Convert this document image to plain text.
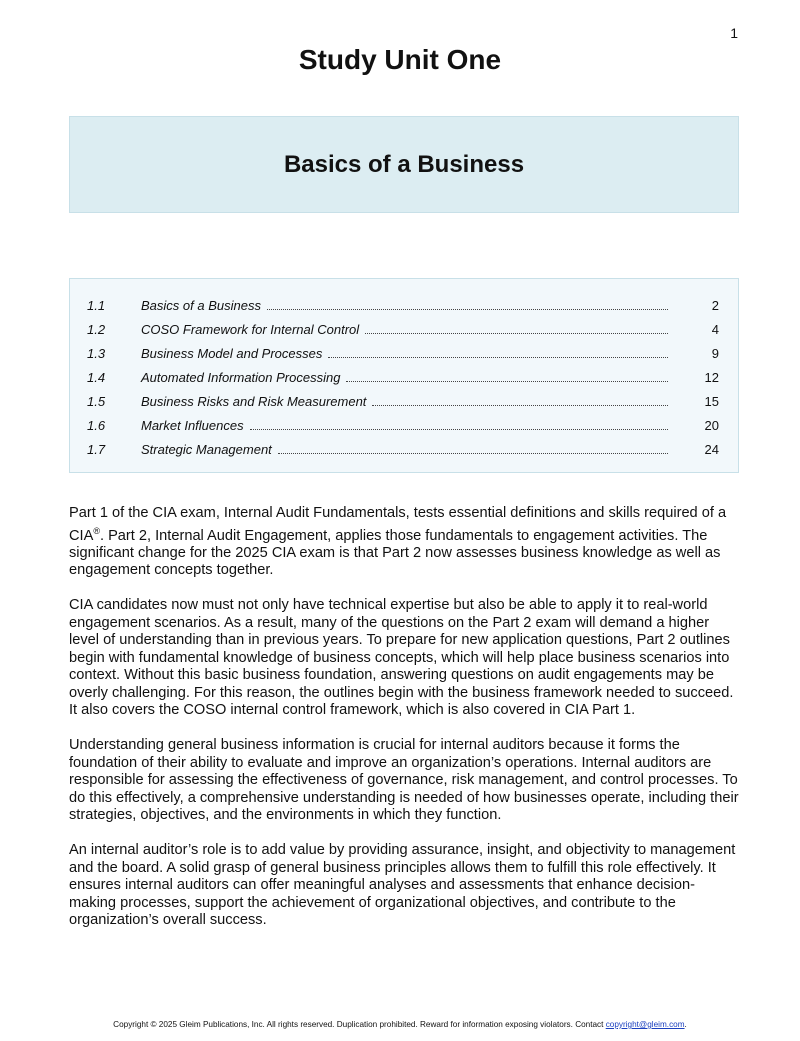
1
Study Unit One
Basics of a Business
1.1	Basics of a Business	2
1.2	COSO Framework for Internal Control	4
1.3	Business Model and Processes	9
1.4	Automated Information Processing	12
1.5	Business Risks and Risk Measurement	15
1.6	Market Influences	20
1.7	Strategic Management	24

Part 1 of the CIA exam, Internal Audit Fundamentals, tests essential definitions and skills required of a CIA®. Part 2, Internal Audit Engagement, applies those fundamentals to engagement activities. The significant change for the 2025 CIA exam is that Part 2 now assesses business knowledge as well as engagement concepts together.

CIA candidates now must not only have technical expertise but also be able to apply it to real-world engagement scenarios. As a result, many of the questions on the Part 2 exam will demand a higher level of understanding than in previous years. To prepare for new application questions, Part 2 outlines begin with fundamental knowledge of business concepts, which will help place business scenarios into context. Without this basic business foundation, answering questions on audit engagements may be overly challenging. For this reason, the outlines begin with the business framework needed to succeed. It also covers the COSO internal control framework, which is also covered in CIA Part 1.

Understanding general business information is crucial for internal auditors because it forms the foundation of their ability to evaluate and improve an organization’s operations. Internal auditors are responsible for assessing the effectiveness of governance, risk management, and control processes. To do this effectively, a comprehensive understanding is needed of how businesses operate, including their strategies, objectives, and the environments in which they function.

An internal auditor’s role is to add value by providing assurance, insight, and objectivity to management and the board. A solid grasp of general business principles allows them to fulfill this role effectively. It ensures internal auditors can offer meaningful analyses and assessments that enhance decision-making processes, support the achievement of organizational objectives, and contribute to the organization’s overall success.

Copyright © 2025 Gleim Publications, Inc. All rights reserved. Duplication prohibited. Reward for information exposing violators. Contact copyright@gleim.com.
